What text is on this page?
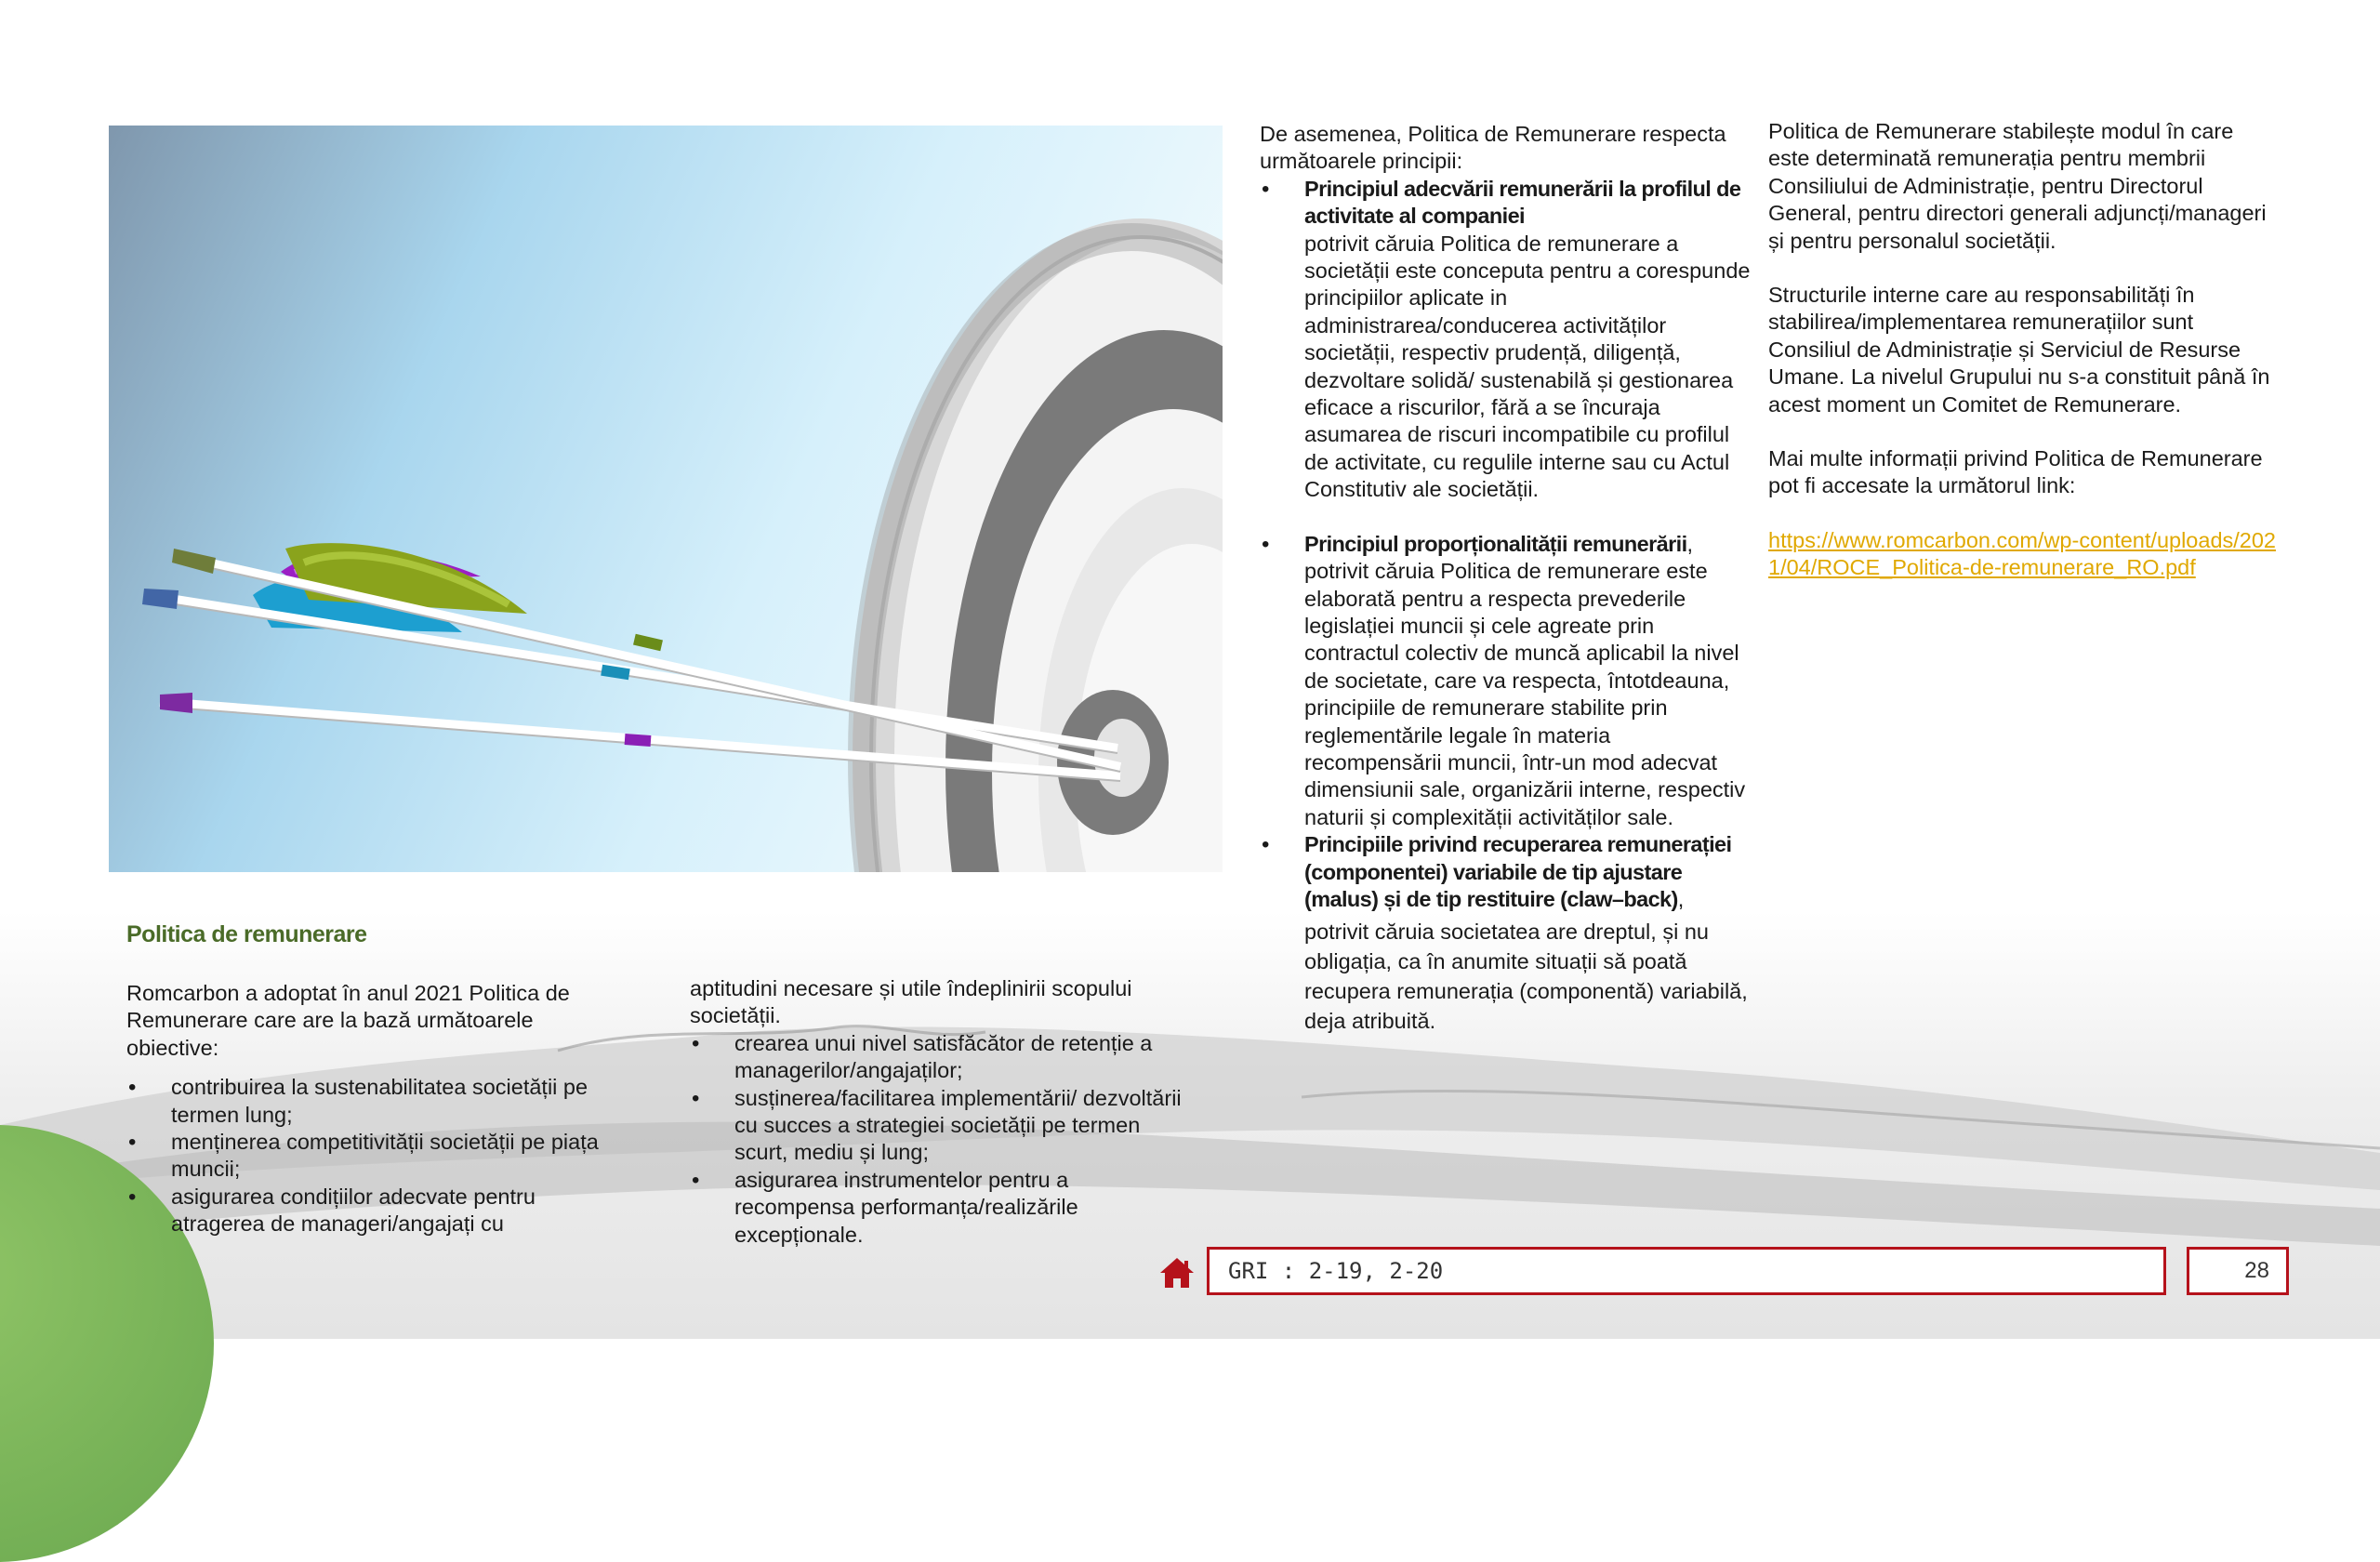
Politica de remunerare

Romcarbon a adoptat în anul 2021 Politica de Remunerare care are la bază următoarele obiective:

• contribuirea la sustenabilitatea societății pe termen lung;
• menținerea competitivității societății pe piața muncii;
• asigurarea condițiilor adecvate pentru atragerea de manageri/angajați cu

aptitudini necesare și utile îndeplinirii scopului societății.

• crearea unui nivel satisfăcător de retenție a managerilor/angajaților;
• susținerea/facilitarea implementării/ dezvoltării cu succes a strategiei societății pe termen scurt, mediu și lung;
• asigurarea instrumentelor pentru a recompensa performanța/realizările excepționale.

De asemenea, Politica de Remunerare respecta următoarele principii:

• Principiul adecvării remunerării la profilul de activitate al companiei
potrivit căruia Politica de remunerare a societății este conceputa pentru a corespunde principiilor aplicate in administrarea/conducerea activităților societății, respectiv prudență, diligență, dezvoltare solidă/ sustenabilă și gestionarea eficace a riscurilor, fără a se încuraja asumarea de riscuri incompatibile cu profilul de activitate, cu regulile interne sau cu Actul Constitutiv ale societății.
• Principiul proporționalității remunerării, potrivit căruia Politica de remunerare este elaborată pentru a respecta prevederile legislației muncii și cele agreate prin contractul colectiv de muncă aplicabil la nivel de societate, care va respecta, întotdeauna, principiile de remunerare stabilite prin reglementările legale în materia recompensării muncii, într-un mod adecvat dimensiunii sale, organizării interne, respectiv naturii și complexității activităților sale.
• Principiile privind recuperarea remunerației (componentei) variabile de tip ajustare (malus) și de tip restituire (claw–back),
potrivit căruia societatea are dreptul, și nu obligația, ca în anumite situații să poată recupera remunerația (componentă) variabilă, deja atribuită.

Politica de Remunerare stabilește modul în care este determinată remunerația pentru membrii Consiliului de Administrație, pentru Directorul General, pentru directori generali adjuncți/manageri și pentru personalul societății.

Structurile interne care au responsabilități în stabilirea/implementarea remunerațiilor sunt Consiliul de Administrație și Serviciul de Resurse Umane. La nivelul Grupului nu s-a constituit până în acest moment un Comitet de Remunerare.

Mai multe informații privind Politica de Remunerare pot fi accesate la următorul link:

https://www.romcarbon.com/wp-content/uploads/2021/04/ROCE_Politica-de-remunerare_RO.pdf

GRI : 2-19, 2-20	28
